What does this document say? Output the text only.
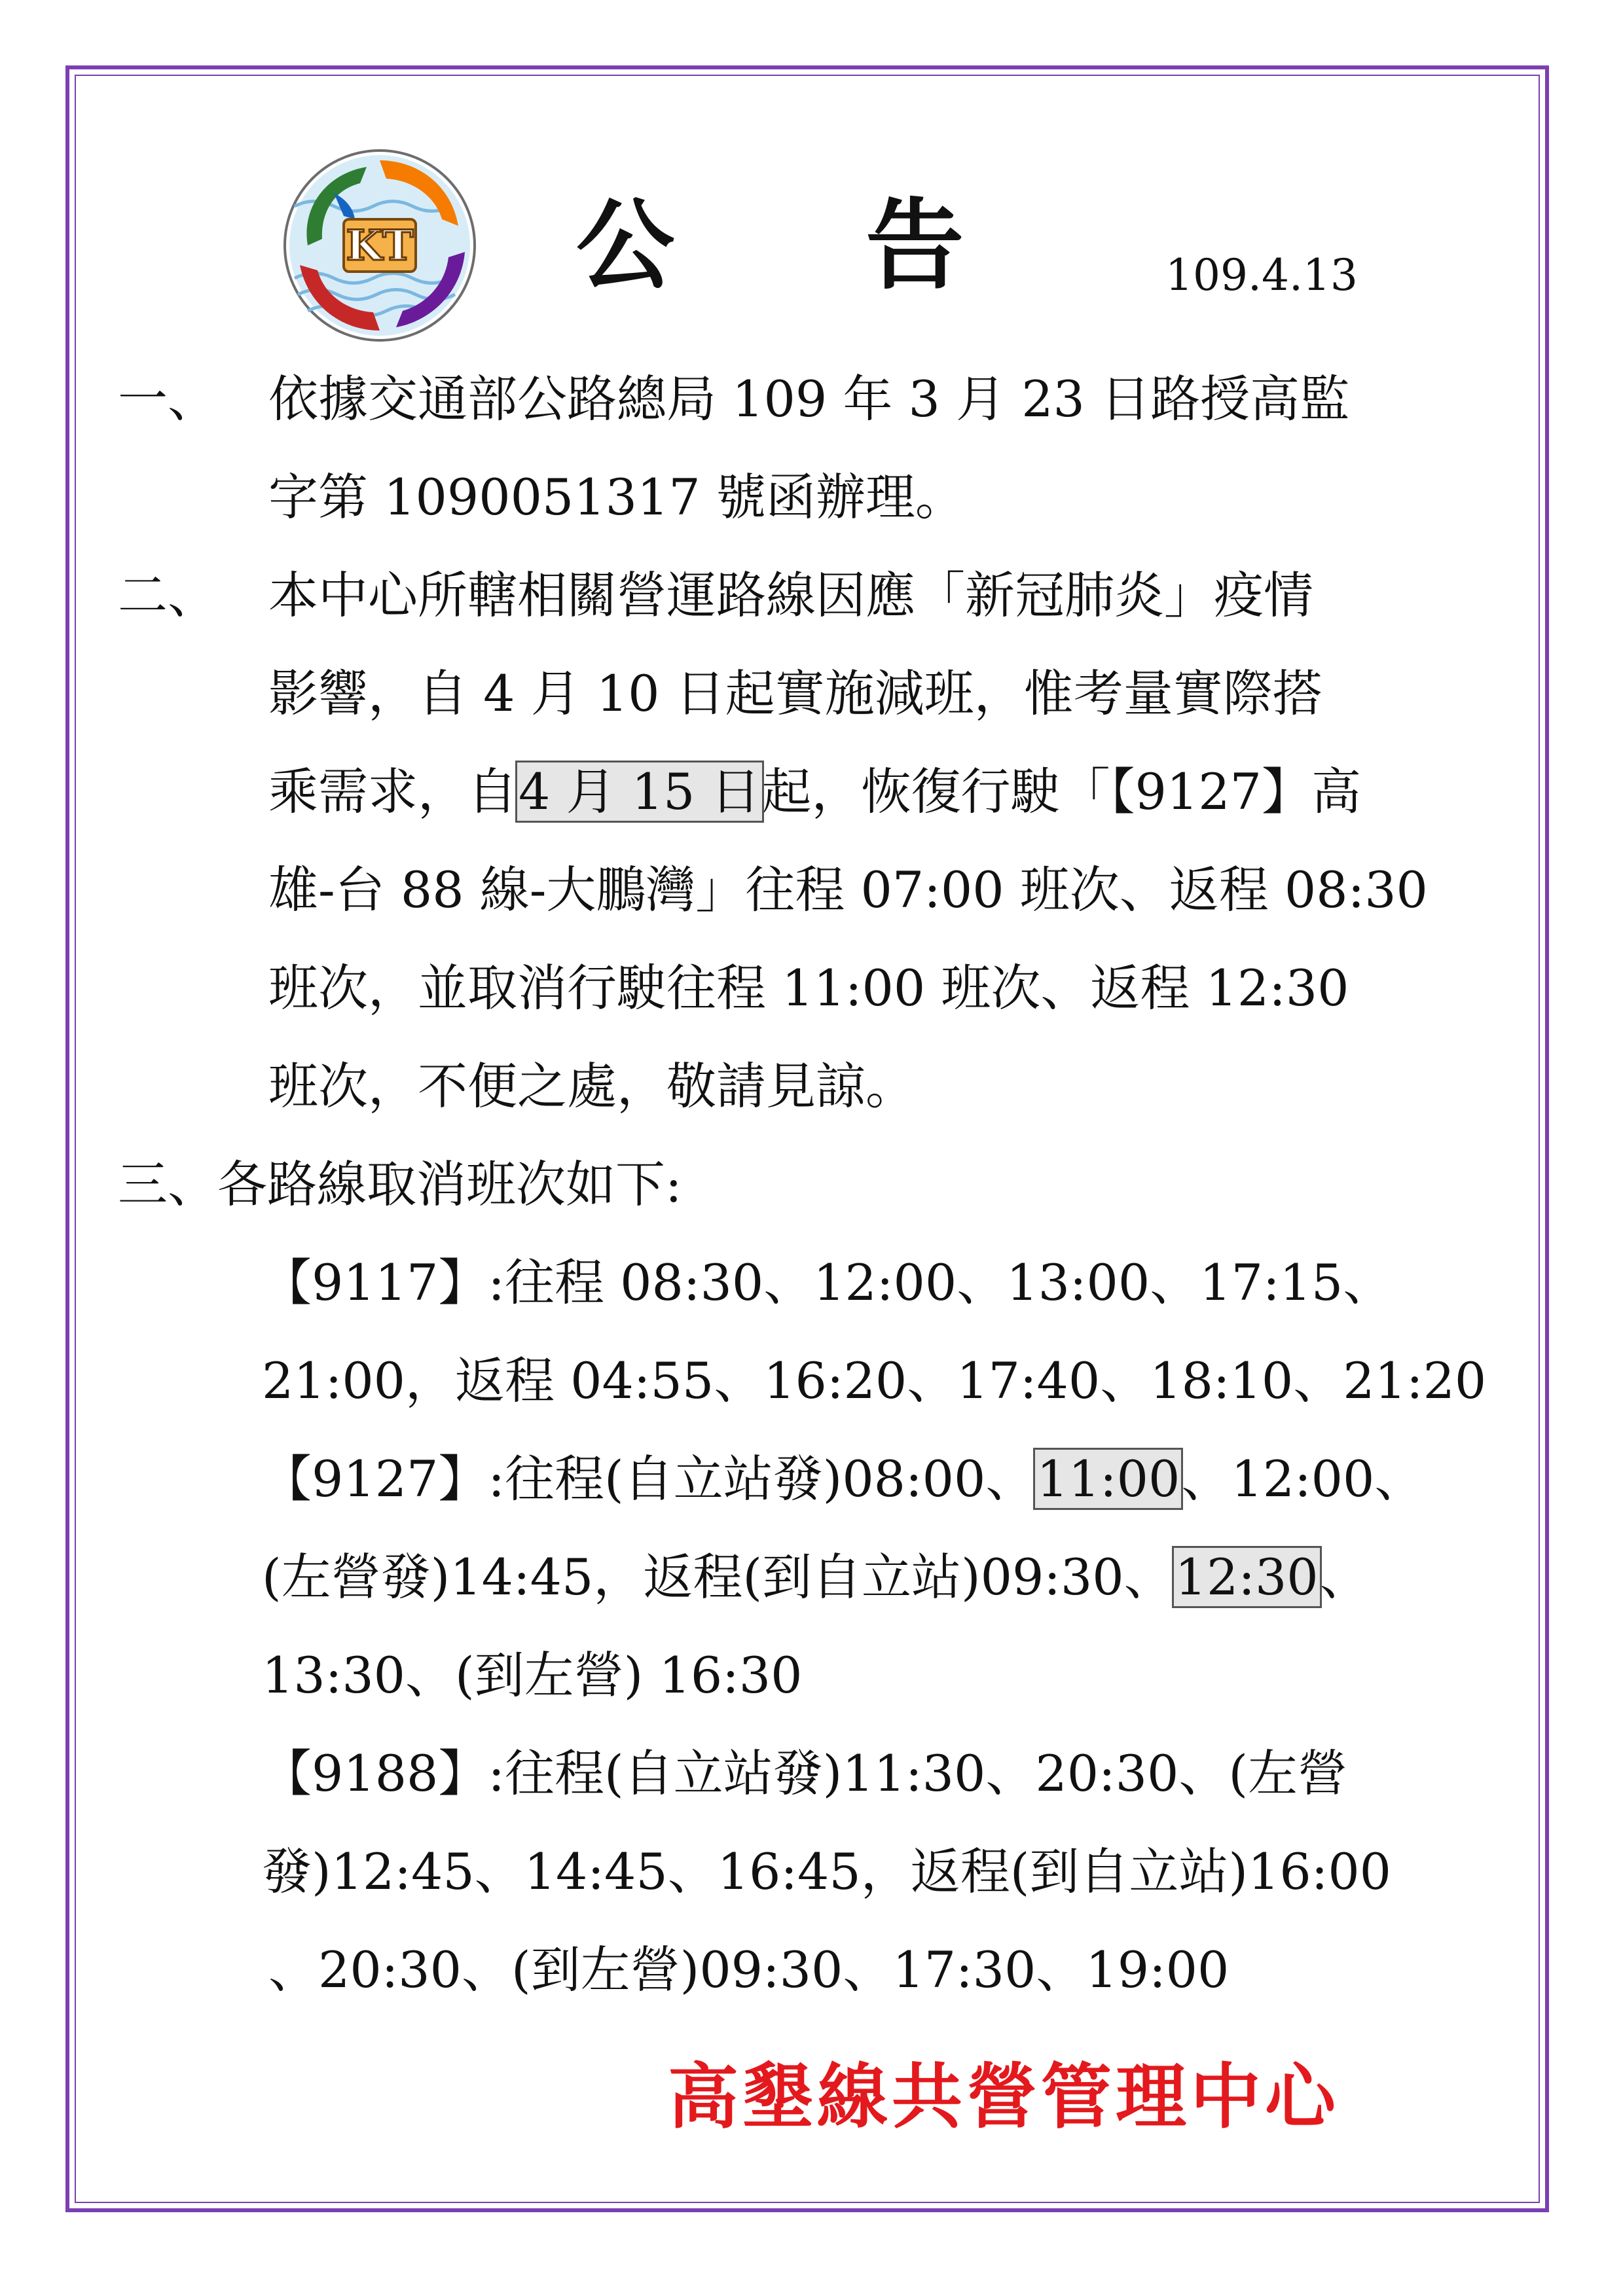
KT 公 告	109.4.13
一、 依據交通部公路總局 109 年 3 月 23 日路授高監
字第 1090051317 號函辦理。
二、 本中心所轄相關營運路線因應「新冠肺炎」疫情
影響，自 4 月 10 日起實施減班，惟考量實際搭
乘需求，自4 月 15 日起，恢復行駛「【9127】高
雄-台 88 線-大鵬灣」往程 07:00 班次、返程 08:30
班次，並取消行駛往程 11:00 班次、返程 12:30
班次，不便之處，敬請見諒。
三、各路線取消班次如下:
【9117】:往程 08:30、12:00、13:00、17:15、
21:00，返程 04:55、16:20、17:40、18:10、21:20
【9127】:往程(自立站發)08:00、11:00、12:00、
(左營發)14:45，返程(到自立站)09:30、12:30、
13:30、(到左營) 16:30
【9188】:往程(自立站發)11:30、20:30、(左營
發)12:45、14:45、16:45，返程(到自立站)16:00
、20:30、(到左營)09:30、17:30、19:00
高墾線共營管理中心
